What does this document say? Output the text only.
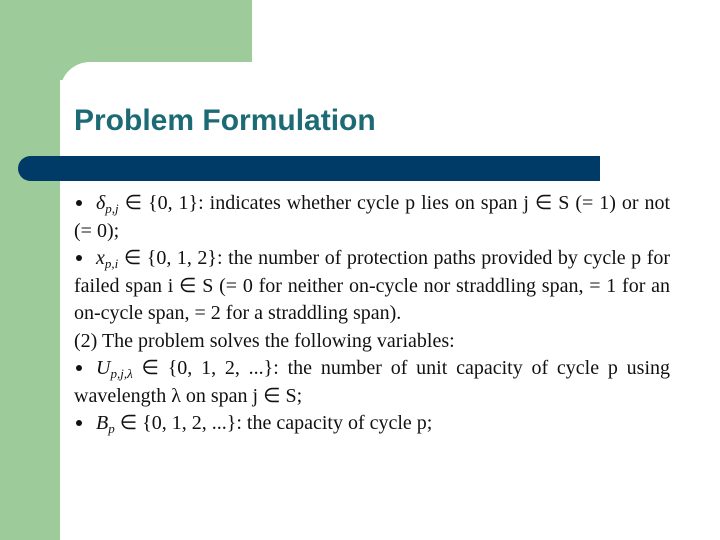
Problem Formulation

$\delta_{p,j}$ ∈ {0, 1}: indicates whether cycle p lies on span j ∈ S (= 1) or not (= 0);

$x_{p,i}$ ∈ {0, 1, 2}: the number of protection paths provided by cycle p for failed span i ∈ S (= 0 for neither on-cycle nor straddling span, = 1 for an on-cycle span, = 2 for a straddling span).

(2) The problem solves the following variables:

$U_{p,j,\lambda}$ ∈ {0, 1, 2, ...}: the number of unit capacity of cycle p using wavelength λ on span j ∈ S;

$B_p$ ∈ {0, 1, 2, ...}: the capacity of cycle p;
